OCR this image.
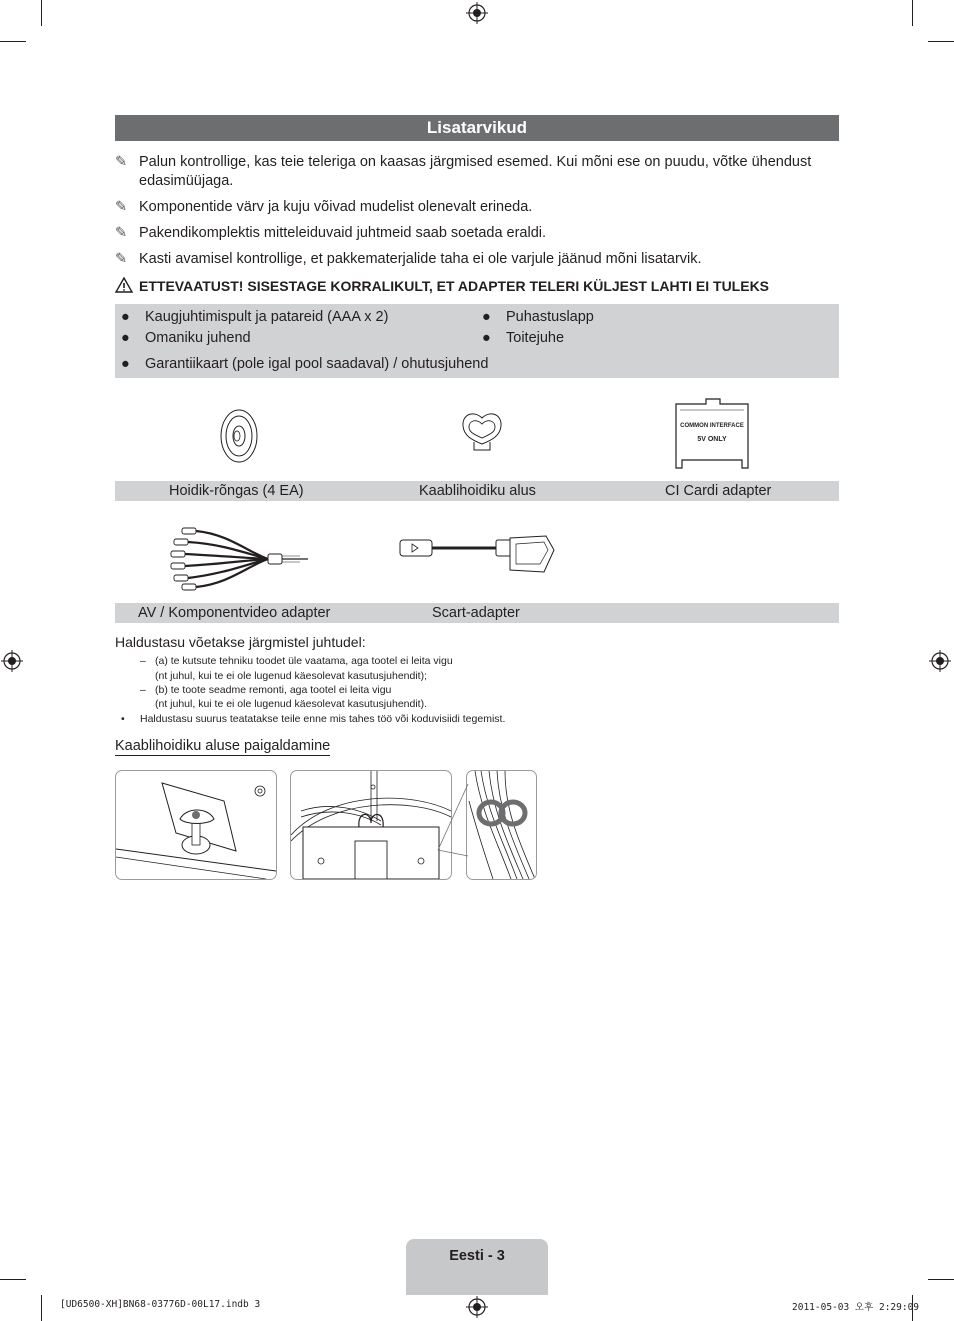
Lisatarvikud
✎ Palun kontrollige, kas teie teleriga on kaasas järgmised esemed. Kui mõni ese on puudu, võtke ühendust
edasimüüjaga.
✎ Komponentide värv ja kuju võivad mudelist olenevalt erineda.
✎ Pakendikomplektis mitteleiduvaid juhtmeid saab soetada eraldi.
✎ Kasti avamisel kontrollige, et pakkematerjalide taha ei ole varjule jäänud mõni lisatarvik.
ETTEVAATUST! SISESTAGE KORRALIKULT, ET ADAPTER TELERI KÜLJEST LAHTI EI TULEKS
● Kaugjuhtimispult ja patareid (AAA x 2)
● Omaniku juhend
● Puhastuslapp
● Toitejuhe
● Garantiikaart (pole igal pool saadaval) / ohutusjuhend
COMMON INTERFACE
5V ONLY
Hoidik-rõngas (4 EA)	Kaablihoidiku alus	CI Cardi adapter
AV / Komponentvideo adapter	Scart-adapter
Haldustasu võetakse järgmistel juhtudel:
– (a) te kutsute tehniku toodet üle vaatama, aga tootel ei leita vigu
(nt juhul, kui te ei ole lugenud käesolevat kasutusjuhendit);
– (b) te toote seadme remonti, aga tootel ei leita vigu
(nt juhul, kui te ei ole lugenud käesolevat kasutusjuhendit).
• Haldustasu suurus teatatakse teile enne mis tahes töö või koduvisiidi tegemist.
Kaablihoidiku aluse paigaldamine
Eesti - 3
[UD6500-XH]BN68-03776D-00L17.indb 3	2011-05-03 오후 2:29:09
